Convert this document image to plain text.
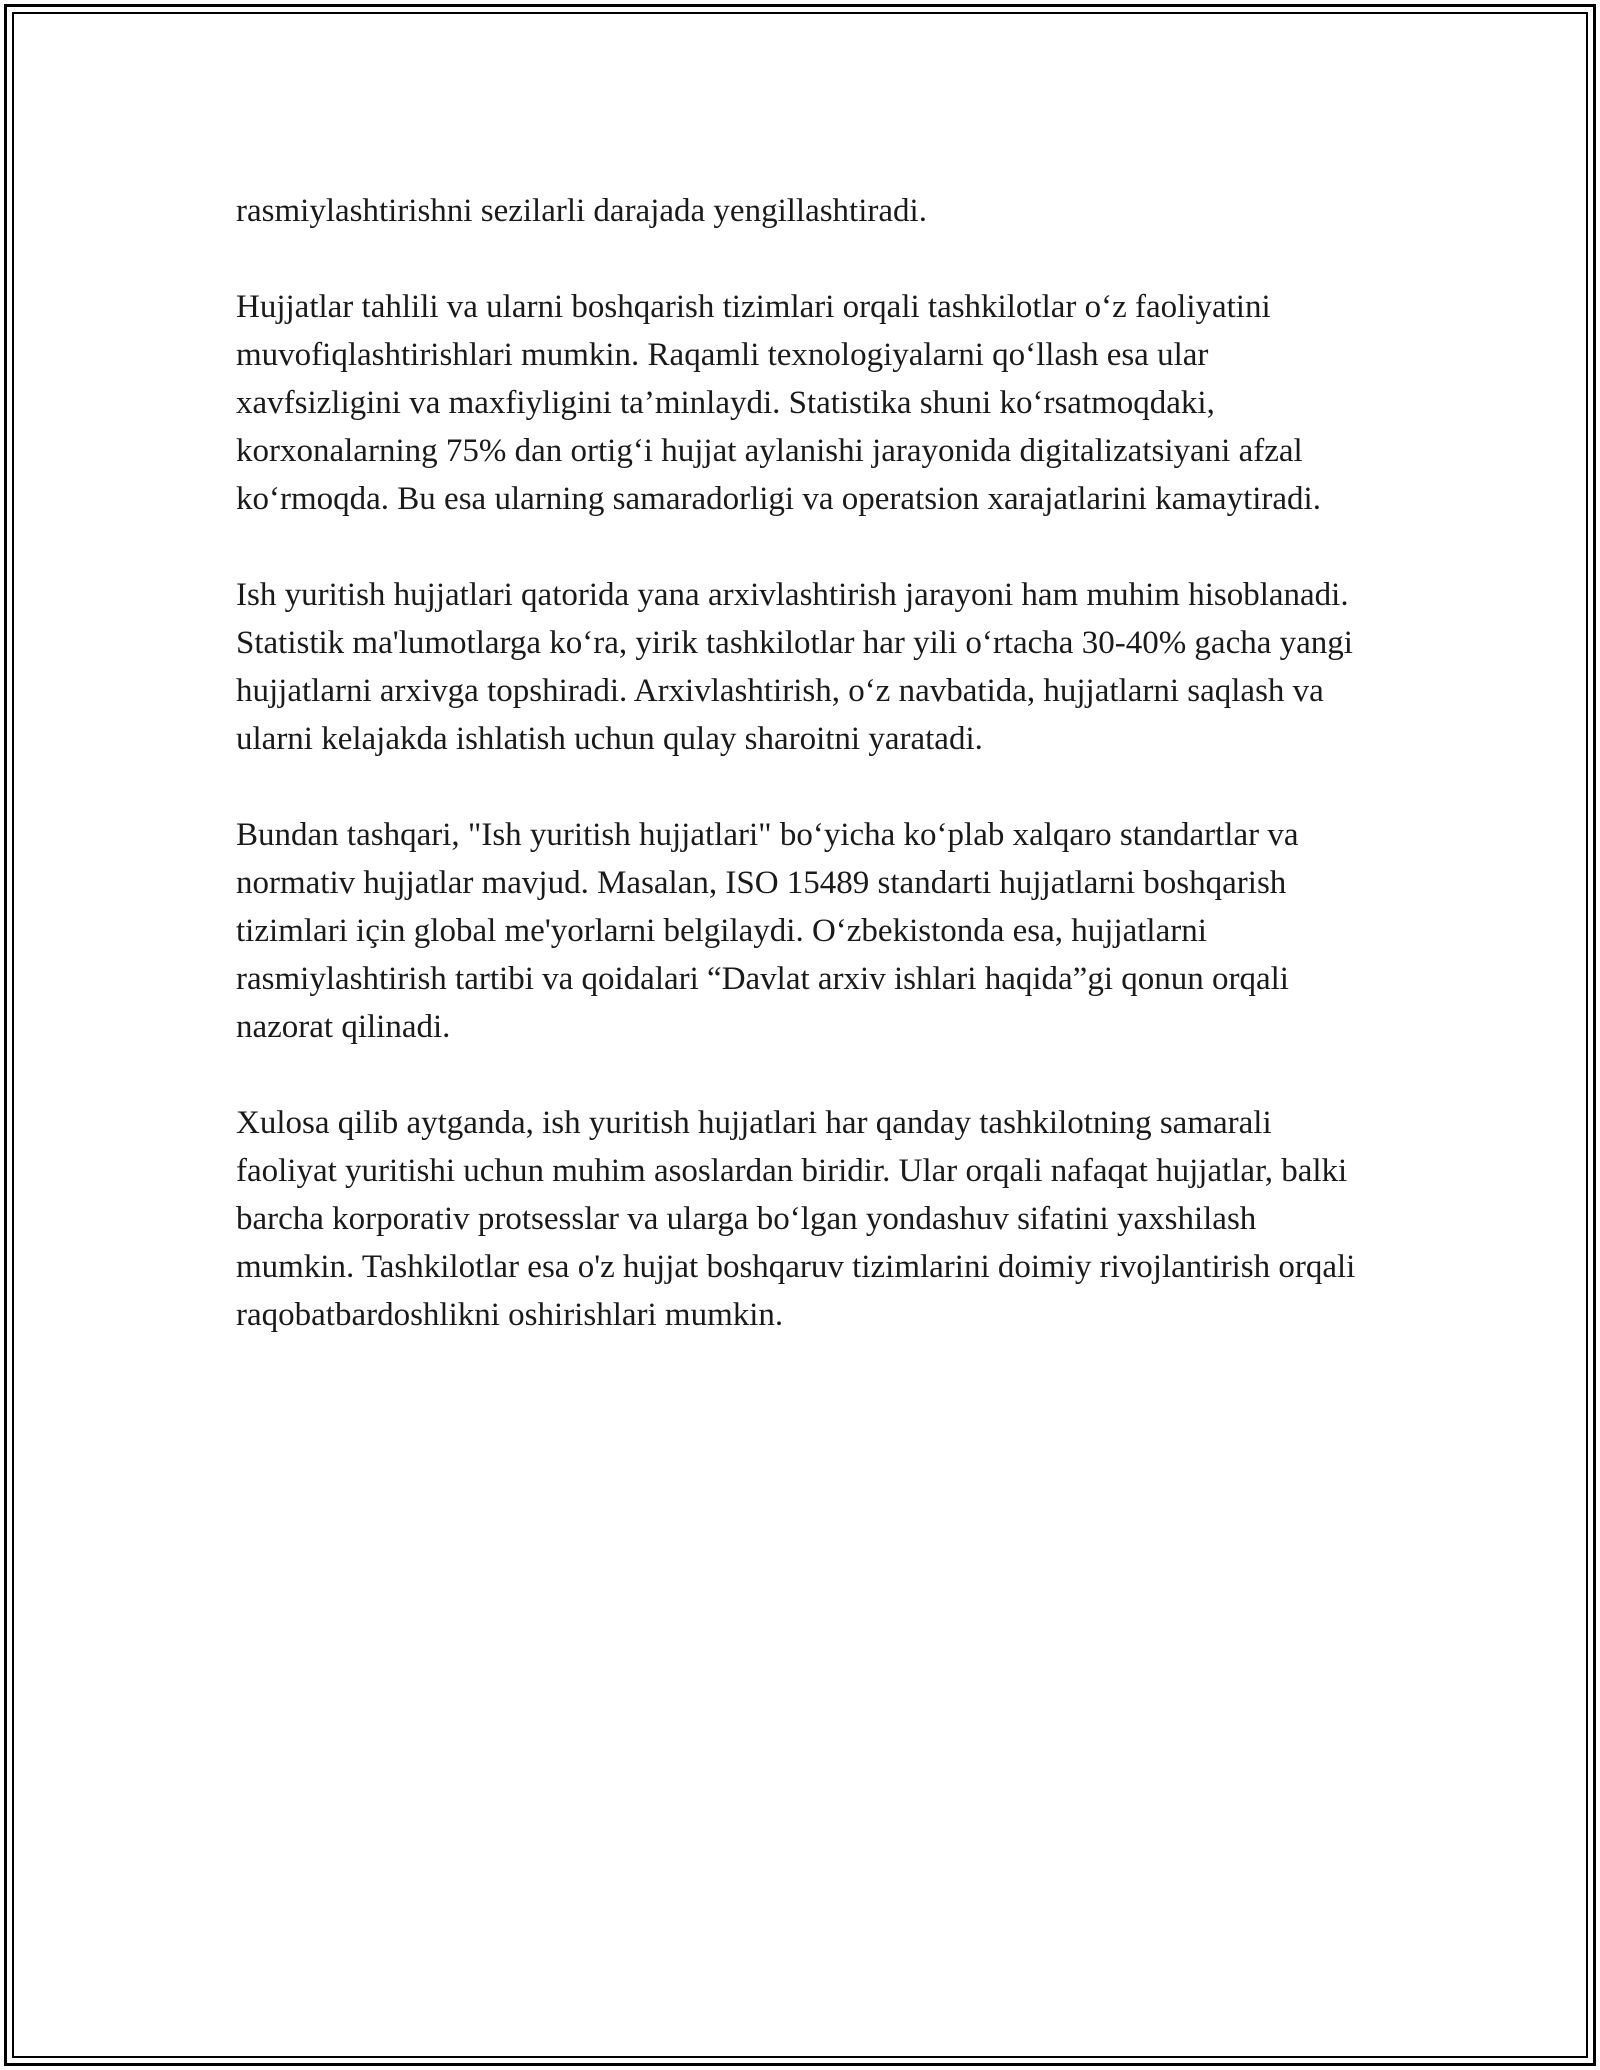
rasmiylashtirishni sezilarli darajada yengillashtiradi.

Hujjatlar tahlili va ularni boshqarish tizimlari orqali tashkilotlar o‘z faoliyatini muvofiqlashtirishlari mumkin. Raqamli texnologiyalarni qo‘llash esa ular xavfsizligini va maxfiyligini ta’minlaydi. Statistika shuni ko‘rsatmoqdaki, korxonalarning 75% dan ortig‘i hujjat aylanishi jarayonida digitalizatsiyani afzal ko‘rmoqda. Bu esa ularning samaradorligi va operatsion xarajatlarini kamaytiradi.

Ish yuritish hujjatlari qatorida yana arxivlashtirish jarayoni ham muhim hisoblanadi. Statistik ma'lumotlarga ko‘ra, yirik tashkilotlar har yili o‘rtacha 30-40% gacha yangi hujjatlarni arxivga topshiradi. Arxivlashtirish, o‘z navbatida, hujjatlarni saqlash va ularni kelajakda ishlatish uchun qulay sharoitni yaratadi.

Bundan tashqari, "Ish yuritish hujjatlari" bo‘yicha ko‘plab xalqaro standartlar va normativ hujjatlar mavjud. Masalan, ISO 15489 standarti hujjatlarni boshqarish tizimlari için global me'yorlarni belgilaydi. O‘zbekistonda esa, hujjatlarni rasmiylashtirish tartibi va qoidalari “Davlat arxiv ishlari haqida”gi qonun orqali nazorat qilinadi.

Xulosa qilib aytganda, ish yuritish hujjatlari har qanday tashkilotning samarali faoliyat yuritishi uchun muhim asoslardan biridir. Ular orqali nafaqat hujjatlar, balki barcha korporativ protsesslar va ularga bo‘lgan yondashuv sifatini yaxshilash mumkin. Tashkilotlar esa o'z hujjat boshqaruv tizimlarini doimiy rivojlantirish orqali raqobatbardoshlikni oshirishlari mumkin.
